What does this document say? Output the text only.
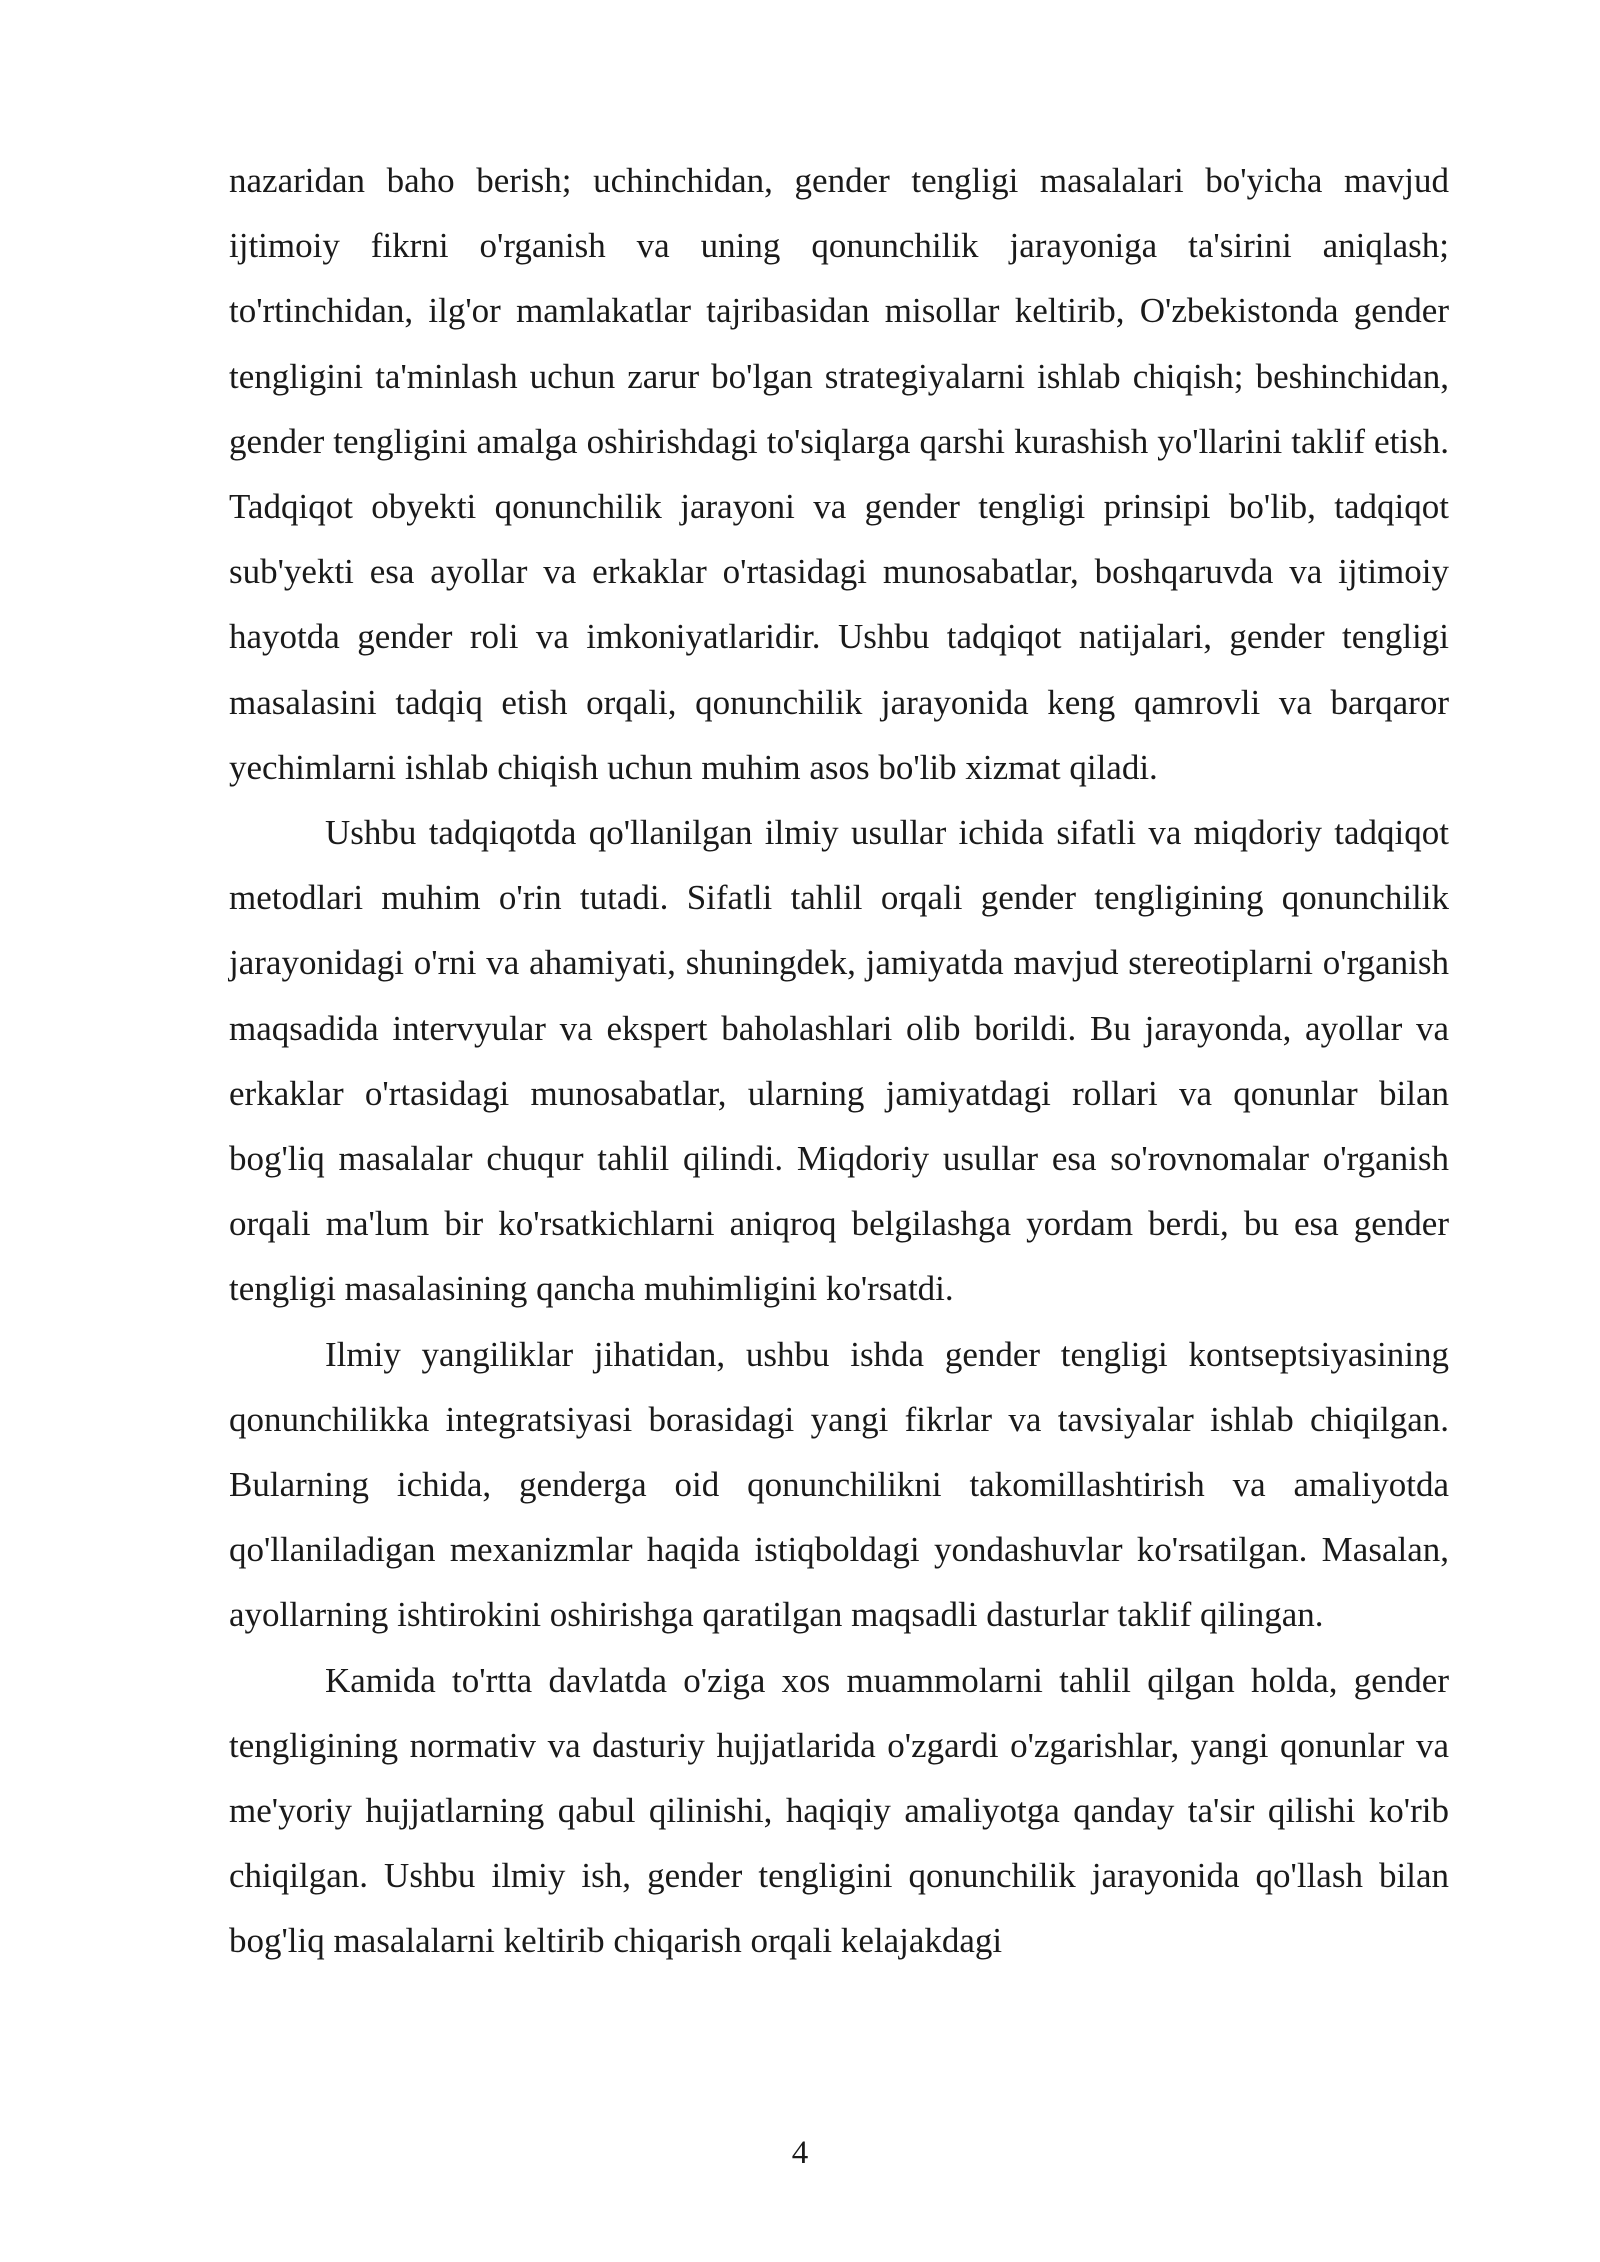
nazaridan baho berish; uchinchidan, gender tengligi masalalari bo'yicha mavjud ijtimoiy fikrni o'rganish va uning qonunchilik jarayoniga ta'sirini aniqlash; to'rtinchidan, ilg'or mamlakatlar tajribasidan misollar keltirib, O'zbekistonda gender tengligini ta'minlash uchun zarur bo'lgan strategiyalarni ishlab chiqish; beshinchidan, gender tengligini amalga oshirishdagi to'siqlarga qarshi kurashish yo'llarini taklif etish. Tadqiqot obyekti qonunchilik jarayoni va gender tengligi prinsipi bo'lib, tadqiqot sub'yekti esa ayollar va erkaklar o'rtasidagi munosabatlar, boshqaruvda va ijtimoiy hayotda gender roli va imkoniyatlaridir. Ushbu tadqiqot natijalari, gender tengligi masalasini tadqiq etish orqali, qonunchilik jarayonida keng qamrovli va barqaror yechimlarni ishlab chiqish uchun muhim asos bo'lib xizmat qiladi.

Ushbu tadqiqotda qo'llanilgan ilmiy usullar ichida sifatli va miqdoriy tadqiqot metodlari muhim o'rin tutadi. Sifatli tahlil orqali gender tengligining qonunchilik jarayonidagi o'rni va ahamiyati, shuningdek, jamiyatda mavjud stereotiplarni o'rganish maqsadida intervyular va ekspert baholashlari olib borildi. Bu jarayonda, ayollar va erkaklar o'rtasidagi munosabatlar, ularning jamiyatdagi rollari va qonunlar bilan bog'liq masalalar chuqur tahlil qilindi. Miqdoriy usullar esa so'rovnomalar o'rganish orqali ma'lum bir ko'rsatkichlarni aniqroq belgilashga yordam berdi, bu esa gender tengligi masalasining qancha muhimligini ko'rsatdi.

Ilmiy yangiliklar jihatidan, ushbu ishda gender tengligi kontseptsiyasining qonunchilikka integratsiyasi borasidagi yangi fikrlar va tavsiyalar ishlab chiqilgan. Bularning ichida, genderga oid qonunchilikni takomillashtirish va amaliyotda qo'llaniladigan mexanizmlar haqida istiqboldagi yondashuvlar ko'rsatilgan. Masalan, ayollarning ishtirokini oshirishga qaratilgan maqsadli dasturlar taklif qilingan.

Kamida to'rtta davlatda o'ziga xos muammolarni tahlil qilgan holda, gender tengligining normativ va dasturiy hujjatlarida o'zgardi o'zgarishlar, yangi qonunlar va me'yoriy hujjatlarning qabul qilinishi, haqiqiy amaliyotga qanday ta'sir qilishi ko'rib chiqilgan. Ushbu ilmiy ish, gender tengligini qonunchilik jarayonida qo'llash bilan bog'liq masalalarni keltirib chiqarish orqali kelajakdagi

4
